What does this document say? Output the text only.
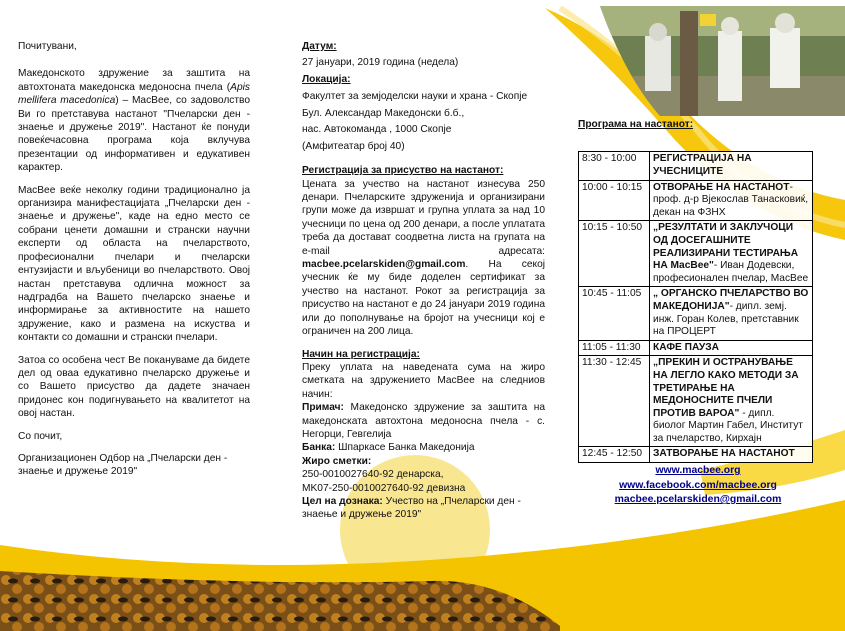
Почитувани,

Македонското здружение за заштита на автохтоната македонска медоносна пчела (Apis mellifera macedonica) – MacBee, со задоволство Ви го претставува настанот "Пчеларски ден - знаење и дружење 2019". Настанот ќе понуди повеќечасовна програма која вклучува презентации од информативен и едукативен карактер.

MacBee веќе неколку години традиционално ја организира манифестацијата „Пчеларски ден - знаење и дружење", каде на едно место се собрани ценети домашни и странски научни експерти од областа на пчеларството, професионални пчелари и пчеларски ентузијасти и вљубеници во пчеларството. Овој настан претставува одлична можност за надградба на Вашето пчеларско знаење и информирање за активностите на нашето здружение, како и размена на искуства и контакти со домашни и странски пчелари.

Затоа со особена чест Ве покануваме да бидете дел од оваа едукативно пчеларско дружење и со Вашето присуство да дадете значаен придонес кон подигнувањето на квалитетот на овој настан.

Со почит,

Организационен Одбор на „Пчеларски ден - знаење и дружење 2019"

Датум:
27 јануари, 2019 година (недела)
Локација:
Факултет за земјоделски науки и храна - Скопје
Бул. Александар Македонски б.б.,
нас. Автокоманда , 1000 Скопје
(Амфитеатар број 40)
Регистрација за присуство на настанот:
Цената за учество на настанот изнесува 250 денари. Пчеларските здруженија и организирани групи може да извршат и групна уплата за над 10 учесници по цена од 200 денари, а после уплатата треба да достават соодветна листа на групата на e-mail адресата: macbee.pcelarskiden@gmail.com. На секој учесник ќе му биде доделен сертификат за учество на настанот. Рокот за регистрација за присуство на настанот е до 24 јануари 2019 година или до пополнување на бројот на учесници кој е ограничен на 200 лица.
Начин на регистрација:
Преку уплата на наведената сума на жиро сметката на здружението MacBee на следниов начин:
Примач: Македонско здружение за заштита на македонската автохтона медоносна пчела - с. Негорци, Гевгелија
Банка: Шпаркасе Банка Македонија
Жиро сметки:
250-0010027640-92 денарска,
MK07-250-0010027640-92 девизна
Цел на дознака: Учество на „Пчеларски ден - знаење и дружење 2019"
Програма на настанот:
8:30 - 10:00	РЕГИСТРАЦИЈА НА УЧЕСНИЦИТЕ

10:00 - 10:15	ОТВОРАЊЕ НА НАСТАНОТ- проф. д-р Вјекослав Танасковиќ, декан на ФЗНХ
10:15 - 10:50	„РЕЗУЛТАТИ И ЗАКЛУЧОЦИ ОД ДОСЕГАШНИТЕ РЕАЛИЗИРАНИ ТЕСТИРАЊА НА MacBee"- Иван Додевски, професионален пчелар, MacBee
10:45 - 11:05	„ ОРГАНСКО ПЧЕЛАРСТВО ВО МАКЕДОНИЈА"- дипл. земј. инж. Горан Колев, претставник на ПРОЦЕРТ
11:05 - 11:30	КАФЕ ПАУЗА

11:30 - 12:45	„ПРЕКИН И ОСТРАНУВАЊЕ НА ЛЕГЛО КАКО МЕТОДИ ЗА ТРЕТИРАЊЕ НА МЕДОНОСНИТЕ ПЧЕЛИ ПРОТИВ ВАРОА" - дипл. биолог Мартин Габел, Институт за пчеларство, Кирхајн
12:45 - 12:50	ЗАТВОРАЊЕ НА НАСТАНОТ
www.macbee.org
www.facebook.com/macbee.org
macbee.pcelarskiden@gmail.com
